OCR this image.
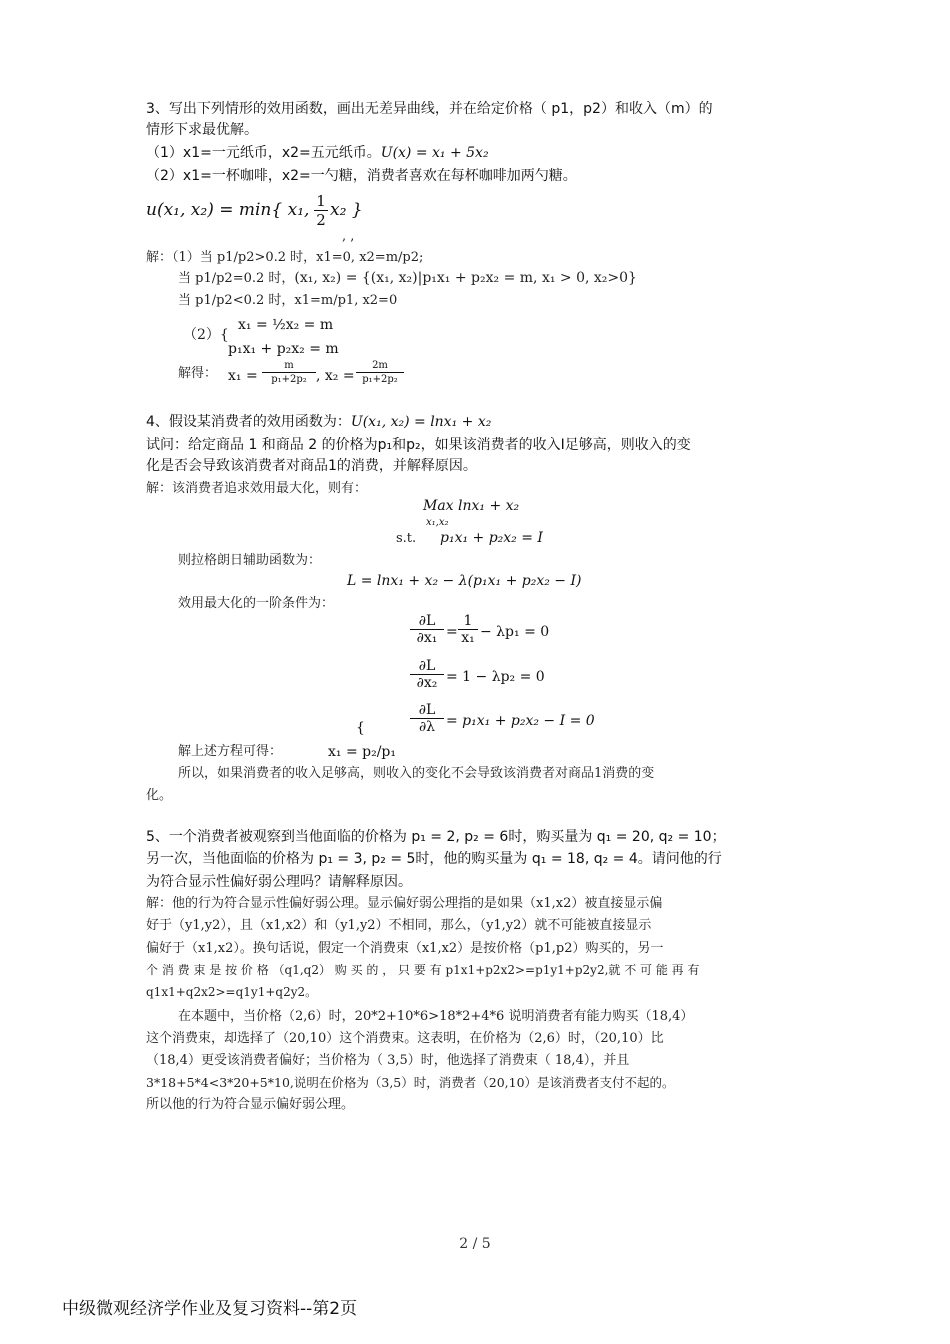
3、写出下列情形的效用函数，画出无差异曲线，并在给定价格（ p1，p2）和收入（m）的
情形下求最优解。
（1）x1=一元纸币，x2=五元纸币。U(x) = x₁ + 5x₂
（2）x1=一杯咖啡，x2=一勺糖，消费者喜欢在每杯咖啡加两勺糖。
u(x₁, x₂) = min{ x₁, 1
2 x₂ }
, ,
解：（1）当 p1/p2>0.2 时，x1=0, x2=m/p2;
当 p1/p2=0.2 时，(x₁, x₂) = {(x₁, x₂)|p₁x₁ + p₂x₂ = m, x₁ > 0, x₂>0}
当 p1/p2<0.2 时，x1=m/p1, x2=0
（2）{
x₁ = ½x₂ = m
p₁x₁ + p₂x₂ = m
解得： x₁ =
m
p₁+2p₂ , x₂ =
2m
p₁+2p₂
4、假设某消费者的效用函数为：U(x₁, x₂) = lnx₁ + x₂
试问：给定商品 1 和商品 2 的价格为p₁和p₂，如果该消费者的收入I足够高，则收入的变
化是否会导致该消费者对商品1的消费，并解释原因。
解：该消费者追求效用最大化，则有：
Max lnx₁ + x₂
x₁,x₂
s.t. p₁x₁ + p₂x₂ = I
则拉格朗日辅助函数为：
L = lnx₁ + x₂ − λ(p₁x₁ + p₂x₂ − I)
效用最大化的一阶条件为：
∂L
∂x₁ =
1
x₁ − λp₁ = 0
∂L
∂x₂ = 1 − λp₂ = 0
∂L
∂λ = p₁x₁ + p₂x₂ − I = 0
{
解上述方程可得：	x₁ = p₂/p₁
所以，如果消费者的收入足够高，则收入的变化不会导致该消费者对商品1消费的变
化。
5、一个消费者被观察到当他面临的价格为 p₁ = 2, p₂ = 6时，购买量为 q₁ = 20, q₂ = 10；
另一次，当他面临的价格为 p₁ = 3, p₂ = 5时，他的购买量为 q₁ = 18, q₂ = 4。请问他的行
为符合显示性偏好弱公理吗？请解释原因。
解：他的行为符合显示性偏好弱公理。显示偏好弱公理指的是如果（x1,x2）被直接显示偏
好于（y1,y2），且（x1,x2）和（y1,y2）不相同，那么，（y1,y2）就不可能被直接显示
偏好于（x1,x2）。换句话说，假定一个消费束（x1,x2）是按价格（p1,p2）购买的，另一
个 消 费 束 是 按 价 格 （q1,q2） 购 买 的 ， 只 要 有 p1x1+p2x2>=p1y1+p2y2,就 不 可 能 再 有
q1x1+q2x2>=q1y1+q2y2。
在本题中，当价格（2,6）时，20*2+10*6>18*2+4*6 说明消费者有能力购买（18,4）
这个消费束，却选择了（20,10）这个消费束。这表明，在价格为（2,6）时，（20,10）比
（18,4）更受该消费者偏好；当价格为（ 3,5）时，他选择了消费束（ 18,4），并且
3*18+5*4<3*20+5*10,说明在价格为（3,5）时，消费者（20,10）是该消费者支付不起的。
所以他的行为符合显示偏好弱公理。
2 / 5
中级微观经济学作业及复习资料--第2页
